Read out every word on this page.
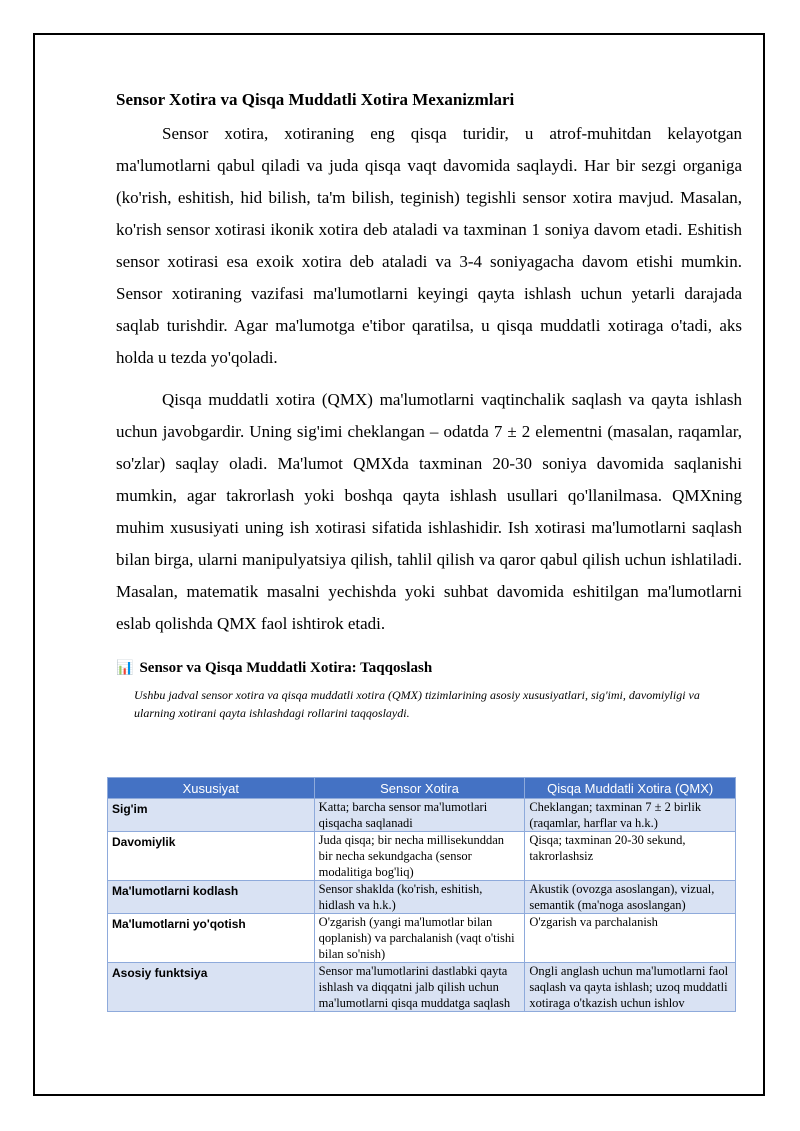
Sensor Xotira va Qisqa Muddatli Xotira Mexanizmlari

Sensor xotira, xotiraning eng qisqa turidir, u atrof-muhitdan kelayotgan ma'lumotlarni qabul qiladi va juda qisqa vaqt davomida saqlaydi. Har bir sezgi organiga (ko'rish, eshitish, hid bilish, ta'm bilish, teginish) tegishli sensor xotira mavjud. Masalan, ko'rish sensor xotirasi ikonik xotira deb ataladi va taxminan 1 soniya davom etadi. Eshitish sensor xotirasi esa exoik xotira deb ataladi va 3-4 soniyagacha davom etishi mumkin. Sensor xotiraning vazifasi ma'lumotlarni keyingi qayta ishlash uchun yetarli darajada saqlab turishdir. Agar ma'lumotga e'tibor qaratilsa, u qisqa muddatli xotiraga o'tadi, aks holda u tezda yo'qoladi.

Qisqa muddatli xotira (QMX) ma'lumotlarni vaqtinchalik saqlash va qayta ishlash uchun javobgardir. Uning sig'imi cheklangan – odatda 7 ± 2 elementni (masalan, raqamlar, so'zlar) saqlay oladi. Ma'lumot QMXda taxminan 20-30 soniya davomida saqlanishi mumkin, agar takrorlash yoki boshqa qayta ishlash usullari qo'llanilmasa. QMXning muhim xususiyati uning ish xotirasi sifatida ishlashidir. Ish xotirasi ma'lumotlarni saqlash bilan birga, ularni manipulyatsiya qilish, tahlil qilish va qaror qabul qilish uchun ishlatiladi. Masalan, matematik masalni yechishda yoki suhbat davomida eshitilgan ma'lumotlarni eslab qolishda QMX faol ishtirok etadi.

📊 Sensor va Qisqa Muddatli Xotira: Taqqoslash
Ushbu jadval sensor xotira va qisqa muddatli xotira (QMX) tizimlarining asosiy xususiyatlari, sig'imi, davomiyligi va ularning xotirani qayta ishlashdagi rollarini taqqoslaydi.
Xususiyat	Sensor Xotira	Qisqa Muddatli Xotira (QMX)
Sig'im	Katta; barcha sensor ma'lumotlari qisqacha saqlanadi	Cheklangan; taxminan 7 ± 2 birlik (raqamlar, harflar va h.k.)
Davomiylik	Juda qisqa; bir necha millisekunddan bir necha sekundgacha (sensor modalitiga bog'liq)	Qisqa; taxminan 20-30 sekund, takrorlashsiz
Ma'lumotlarni kodlash	Sensor shaklda (ko'rish, eshitish, hidlash va h.k.)	Akustik (ovozga asoslangan), vizual, semantik (ma'noga asoslangan)
Ma'lumotlarni yo'qotish	O'zgarish (yangi ma'lumotlar bilan qoplanish) va parchalanish (vaqt o'tishi bilan so'nish)	O'zgarish va parchalanish
Asosiy funktsiya	Sensor ma'lumotlarini dastlabki qayta ishlash va diqqatni jalb qilish uchun ma'lumotlarni qisqa muddatga saqlash	Ongli anglash uchun ma'lumotlarni faol saqlash va qayta ishlash; uzoq muddatli xotiraga o'tkazish uchun ishlov
